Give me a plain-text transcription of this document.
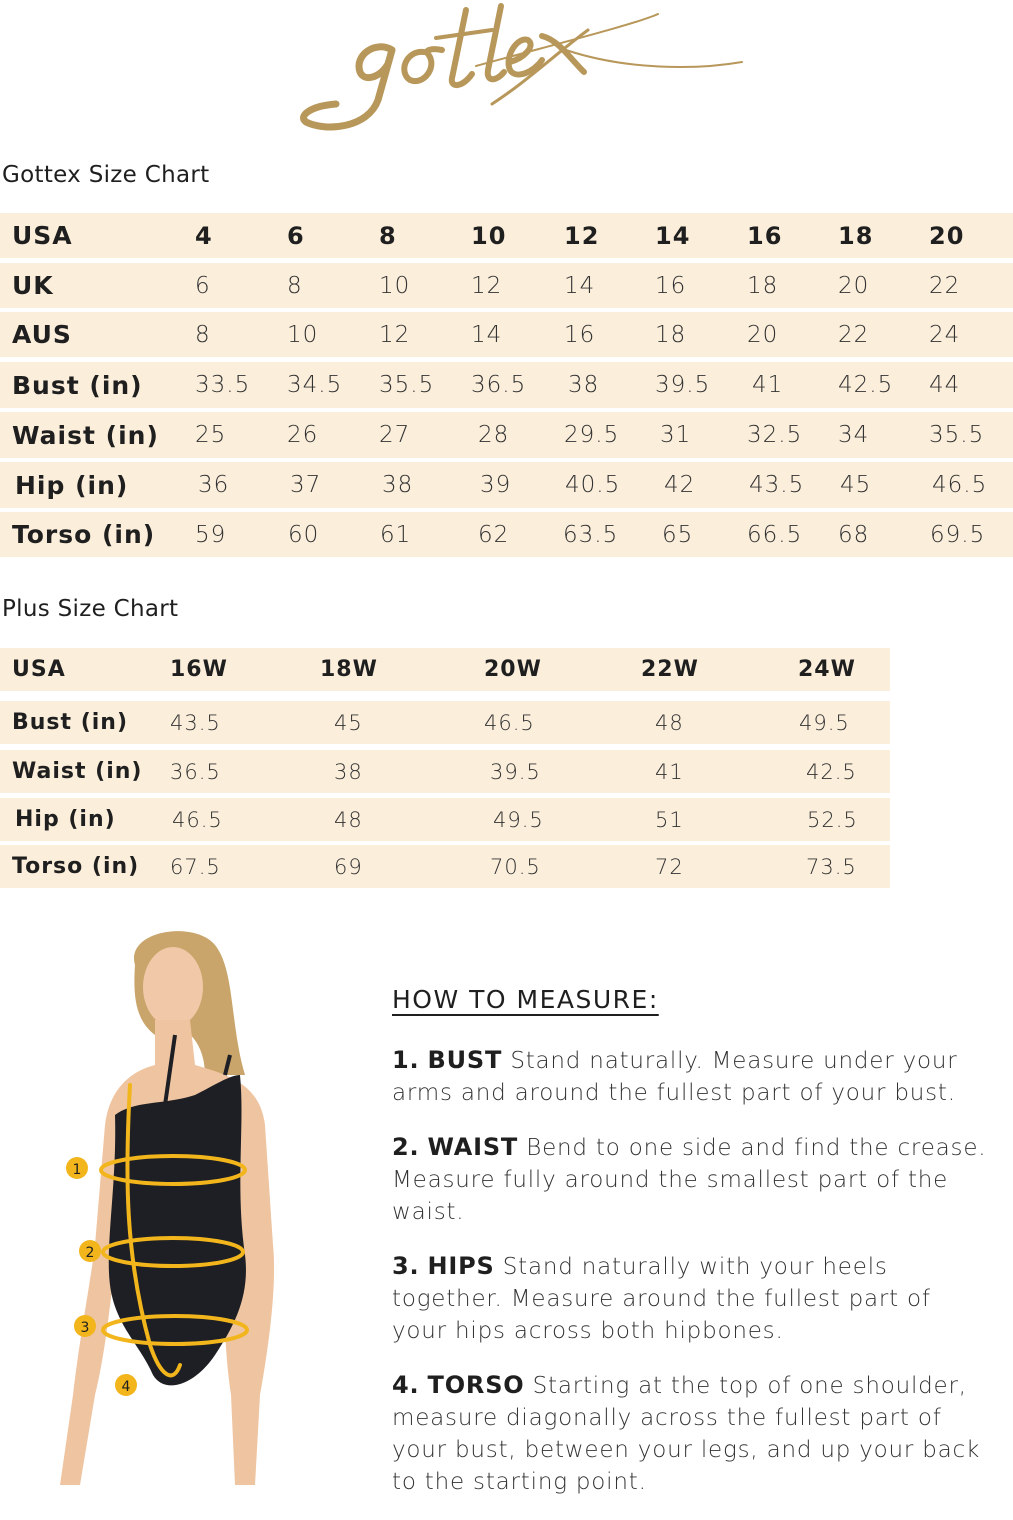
Gottex Size Chart
USA	4	6	8	10 12 14 16 18 20
UK	6	8	10	12	14	16	18	20	22
AUS	8	10	12	14	16	18	20	22	24
Bust (in) 33.5 34.5 35.5 36.5 38 39.5 41 42.5 44
Waist (in) 25	26	27	28 29.5 31 32.5 34	35.5
Hip (in)	36	37	38	39 40.5 42 43.5 45	46.5
Torso (in) 59	60	61	62 63.5 65 66.5 68	69.5
Plus Size Chart
USA	16W	18W	20W	22W	24W
Bust (in) 43.5	45	46.5	48	49.5
Waist (in) 36.5	38	39.5	41	42.5
Hip (in)	46.5	48	49.5	51	52.5
Torso (in) 67.5	69	70.5	72	73.5
1
2
3
4
HOW TO MEASURE:

1. BUST Stand naturally. Measure under your arms and around the fullest part of your bust.

2. WAIST Bend to one side and find the crease. Measure fully around the smallest part of the waist.

3. HIPS Stand naturally with your heels together. Measure around the fullest part of your hips across both hipbones.

4. TORSO Starting at the top of one shoulder, measure diagonally across the fullest part of your bust, between your legs, and up your back to the starting point.
